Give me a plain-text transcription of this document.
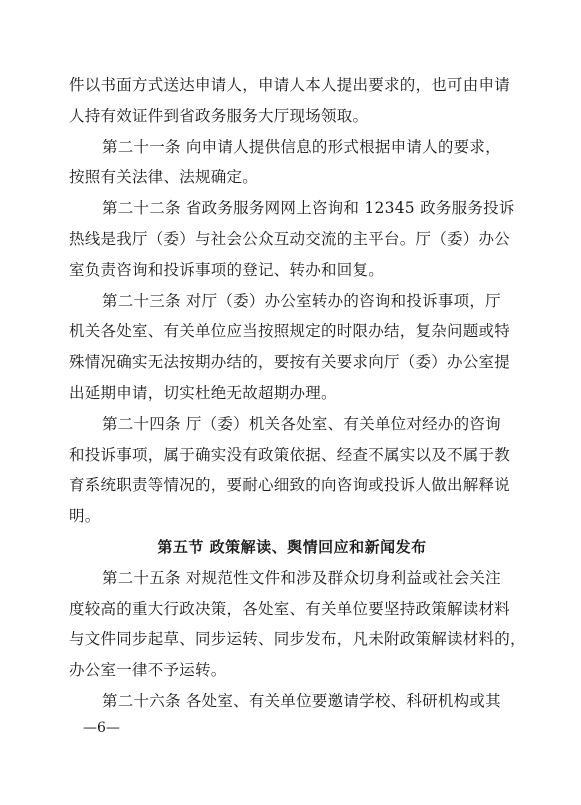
件以书面方式送达申请人，申请人本人提出要求的，也可由申请
人持有效证件到省政务服务大厅现场领取。
第二十一条 向申请人提供信息的形式根据申请人的要求，
按照有关法律、法规确定。
第二十二条 省政务服务网网上咨询和 12345 政务服务投诉
热线是我厅（委）与社会公众互动交流的主平台。厅（委）办公
室负责咨询和投诉事项的登记、转办和回复。
第二十三条 对厅（委）办公室转办的咨询和投诉事项，厅
机关各处室、有关单位应当按照规定的时限办结，复杂问题或特
殊情况确实无法按期办结的，要按有关要求向厅（委）办公室提
出延期申请，切实杜绝无故超期办理。
第二十四条 厅（委）机关各处室、有关单位对经办的咨询
和投诉事项，属于确实没有政策依据、经查不属实以及不属于教
育系统职责等情况的，要耐心细致的向咨询或投诉人做出解释说
明。
第五节 政策解读、舆情回应和新闻发布
第二十五条 对规范性文件和涉及群众切身利益或社会关注
度较高的重大行政决策，各处室、有关单位要坚持政策解读材料
与文件同步起草、同步运转、同步发布，凡未附政策解读材料的，
办公室一律不予运转。
第二十六条 各处室、有关单位要邀请学校、科研机构或其
—6—
